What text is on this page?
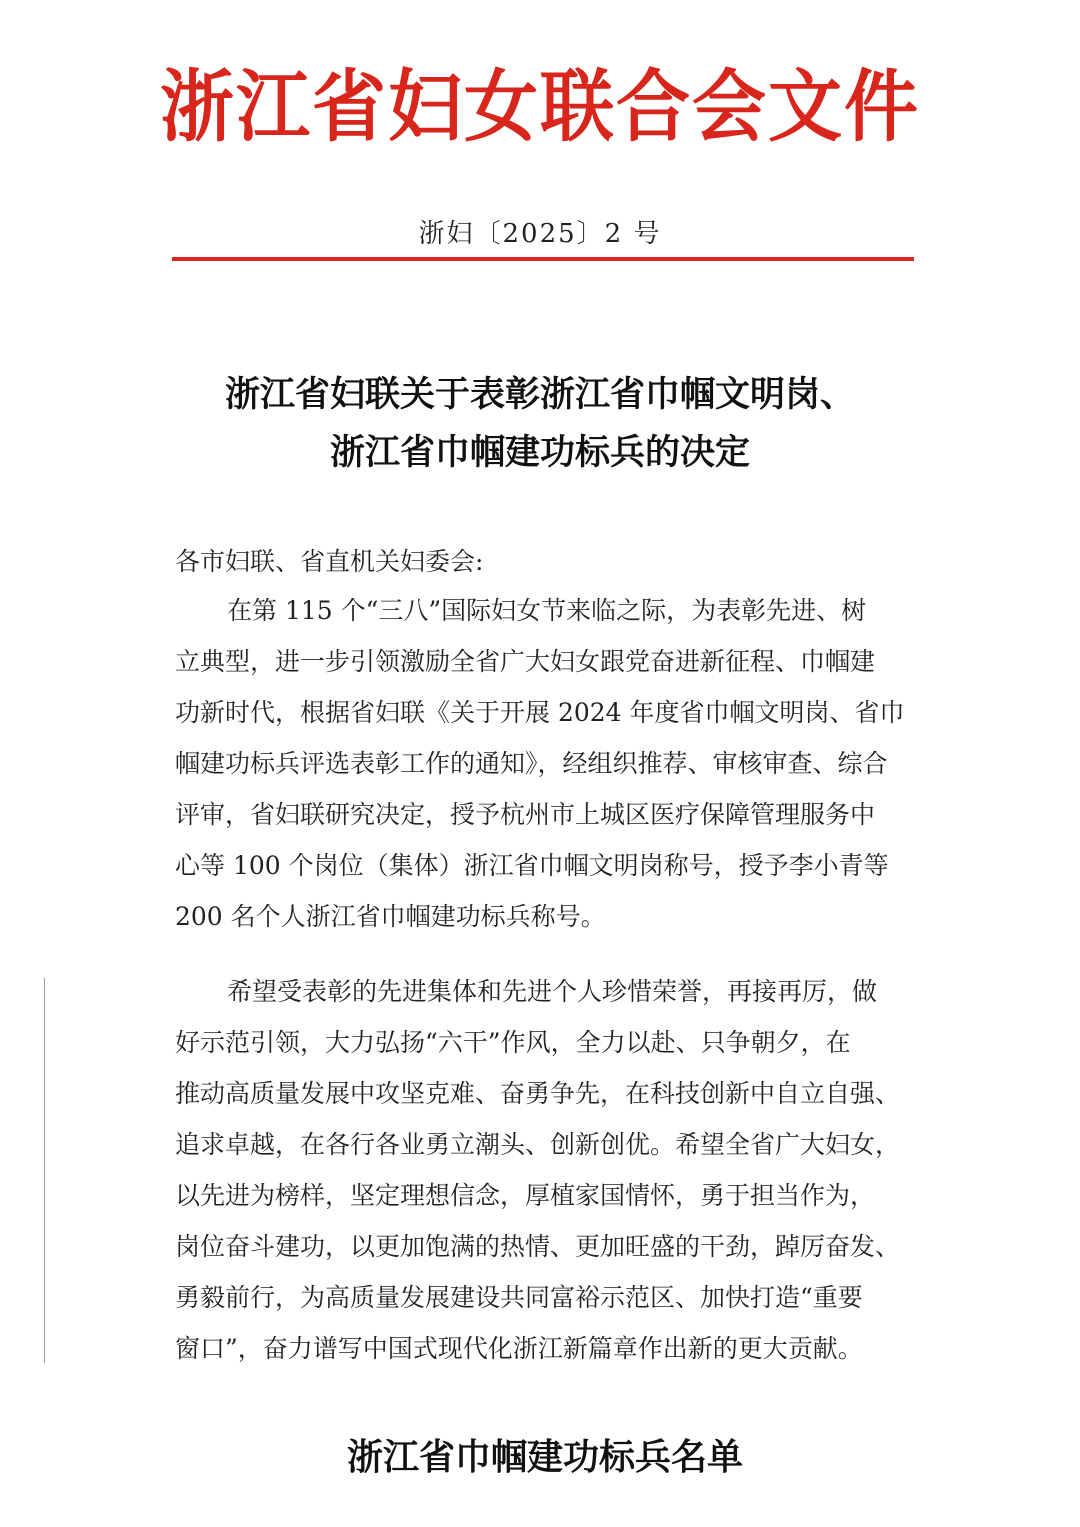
浙江省妇女联合会文件
浙妇〔2025〕2 号
浙江省妇联关于表彰浙江省巾帼文明岗、
浙江省巾帼建功标兵的决定
各市妇联、省直机关妇委会:
在第 115 个“三八”国际妇女节来临之际，为表彰先进、树
立典型，进一步引领激励全省广大妇女跟党奋进新征程、巾帼建
功新时代，根据省妇联《关于开展 2024 年度省巾帼文明岗、省巾
帼建功标兵评选表彰工作的通知》，经组织推荐、审核审查、综合
评审，省妇联研究决定，授予杭州市上城区医疗保障管理服务中
心等 100 个岗位（集体）浙江省巾帼文明岗称号，授予李小青等
200 名个人浙江省巾帼建功标兵称号。
希望受表彰的先进集体和先进个人珍惜荣誉，再接再厉，做
好示范引领，大力弘扬“六干”作风，全力以赴、只争朝夕，在
推动高质量发展中攻坚克难、奋勇争先，在科技创新中自立自强、
追求卓越，在各行各业勇立潮头、创新创优。希望全省广大妇女，
以先进为榜样，坚定理想信念，厚植家国情怀，勇于担当作为，
岗位奋斗建功，以更加饱满的热情、更加旺盛的干劲，踔厉奋发、
勇毅前行，为高质量发展建设共同富裕示范区、加快打造“重要
窗口”，奋力谱写中国式现代化浙江新篇章作出新的更大贡献。
浙江省巾帼建功标兵名单
